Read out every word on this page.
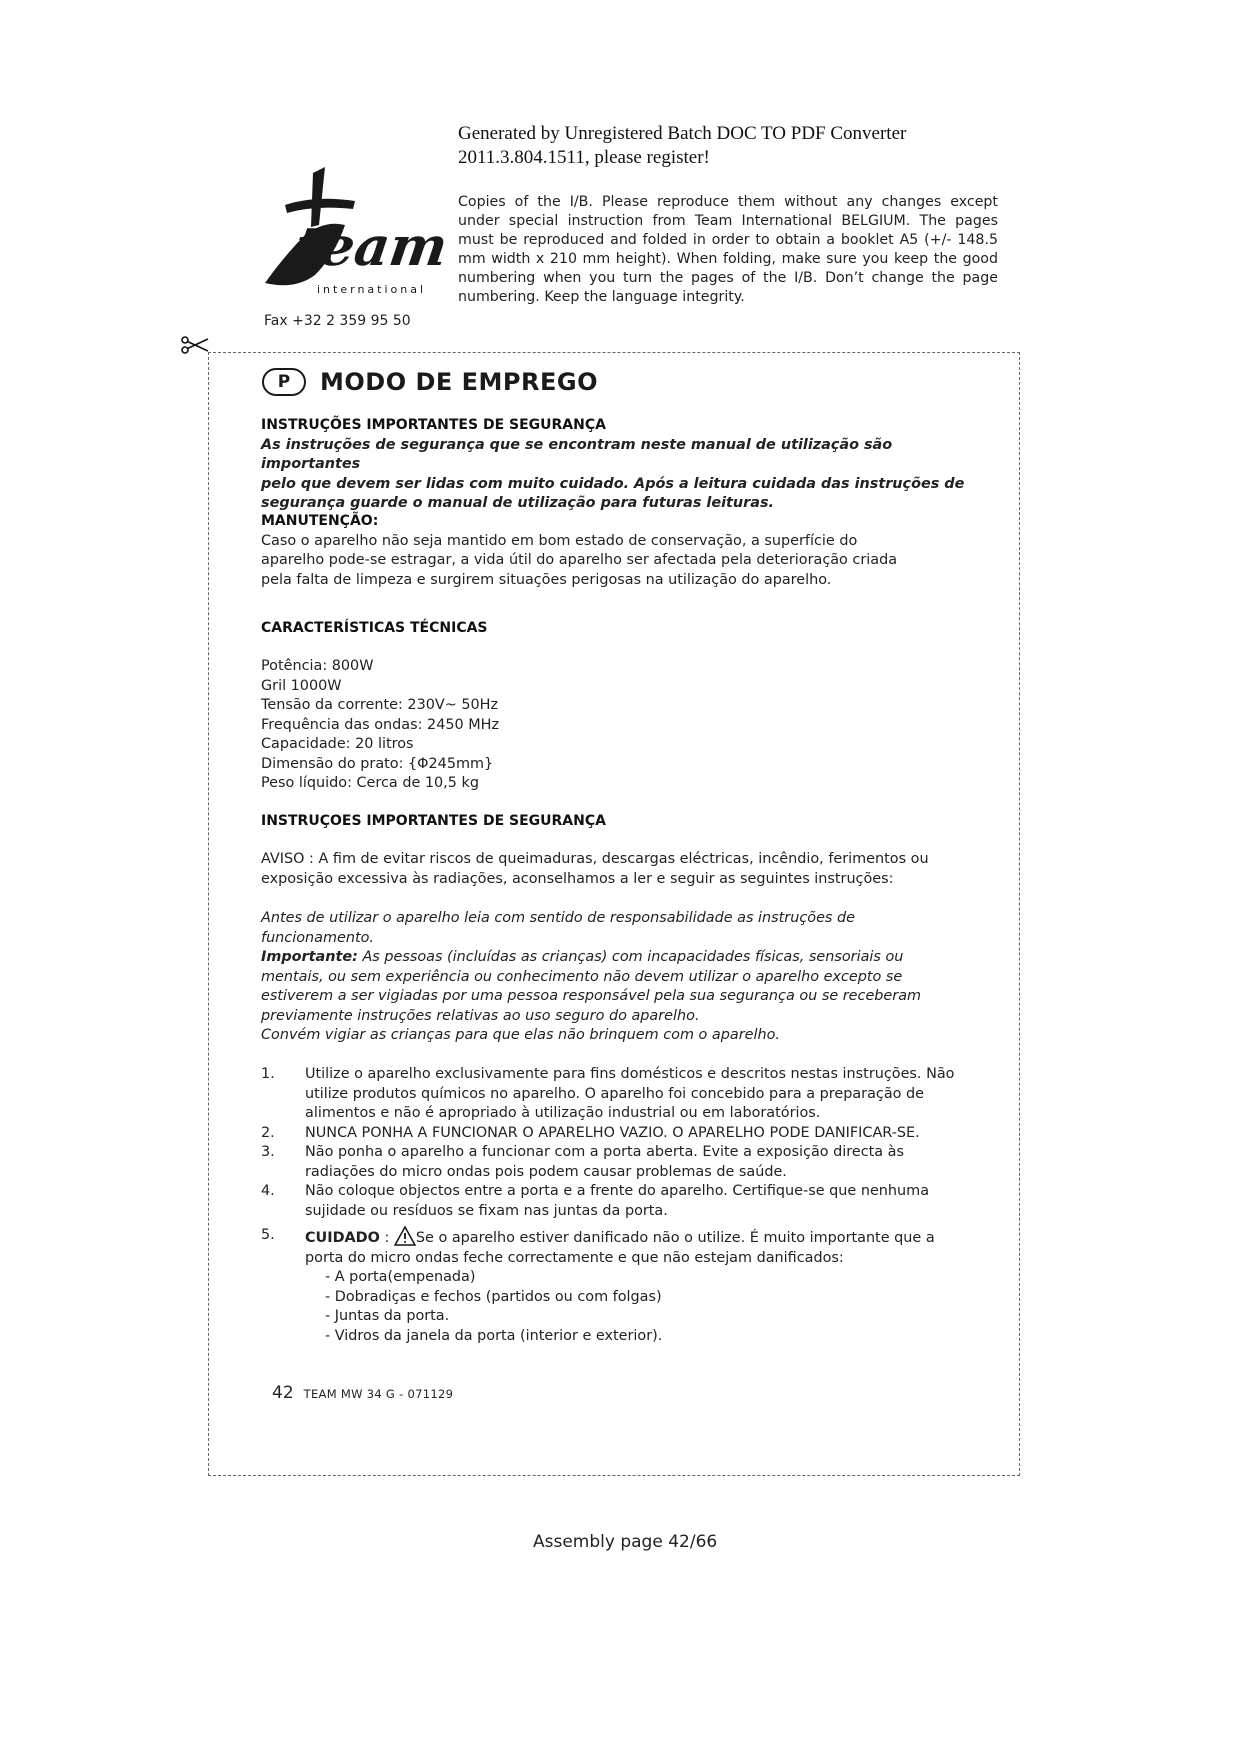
Generated by Unregistered Batch DOC TO PDF Converter
2011.3.804.1511, please register!
team
international
Fax +32 2 359 95 50
Copies of the I/B. Please reproduce them without any changes except under special instruction from Team International BELGIUM. The pages must be reproduced and folded in order to obtain a booklet A5 (+/- 148.5 mm width x 210 mm height). When folding, make sure you keep the good numbering when you turn the pages of the I/B. Don’t change the page numbering. Keep the language integrity.
P	MODO DE EMPREGO
INSTRUÇÕES IMPORTANTES DE SEGURANÇA
As instruções de segurança que se encontram neste manual de utilização são importantes
pelo que devem ser lidas com muito cuidado. Após a leitura cuidada das instruções de
segurança guarde o manual de utilização para futuras leituras.
MANUTENÇÃO:
Caso o aparelho não seja mantido em bom estado de conservação, a superfície do
aparelho pode-se estragar, a vida útil do aparelho ser afectada pela deterioração criada
pela falta de limpeza e surgirem situações perigosas na utilização do aparelho.
CARACTERÍSTICAS TÉCNICAS
Potência: 800W
Gril 1000W
Tensão da corrente: 230V~ 50Hz
Frequência das ondas: 2450 MHz
Capacidade: 20 litros
Dimensão do prato: {Φ245mm}
Peso líquido: Cerca de 10,5 kg
INSTRUÇOES IMPORTANTES DE SEGURANÇA
AVISO : A fim de evitar riscos de queimaduras, descargas eléctricas, incêndio, ferimentos ou
exposição excessiva às radiações, aconselhamos a ler e seguir as seguintes instruções:
Antes de utilizar o aparelho leia com sentido de responsabilidade as instruções de
funcionamento.
Importante: As pessoas (incluídas as crianças) com incapacidades físicas, sensoriais ou
mentais, ou sem experiência ou conhecimento não devem utilizar o aparelho excepto se
estiverem a ser vigiadas por uma pessoa responsável pela sua segurança ou se receberam
previamente instruções relativas ao uso seguro do aparelho.
Convém vigiar as crianças para que elas não brinquem com o aparelho.
1.	Utilize o aparelho exclusivamente para fins domésticos e descritos nestas instruções. Não
utilize produtos químicos no aparelho. O aparelho foi concebido para a preparação de
alimentos e não é apropriado à utilização industrial ou em laboratórios.
2.	NUNCA PONHA A FUNCIONAR O APARELHO VAZIO. O APARELHO PODE DANIFICAR-SE.
3.	Não ponha o aparelho a funcionar com a porta aberta. Evite a exposição directa às
radiações do micro ondas pois podem causar problemas de saúde.
4.	Não coloque objectos entre a porta e a frente do aparelho. Certifique-se que nenhuma
sujidade ou resíduos se fixam nas juntas da porta.
5.	CUIDADO : Se o aparelho estiver danificado não o utilize. É muito importante que a
porta do micro ondas feche correctamente e que não estejam danificados:
- A porta(empenada)
- Dobradiças e fechos (partidos ou com folgas)
- Juntas da porta.
- Vidros da janela da porta (interior e exterior).
42 TEAM MW 34 G - 071129
Assembly page 42/66
